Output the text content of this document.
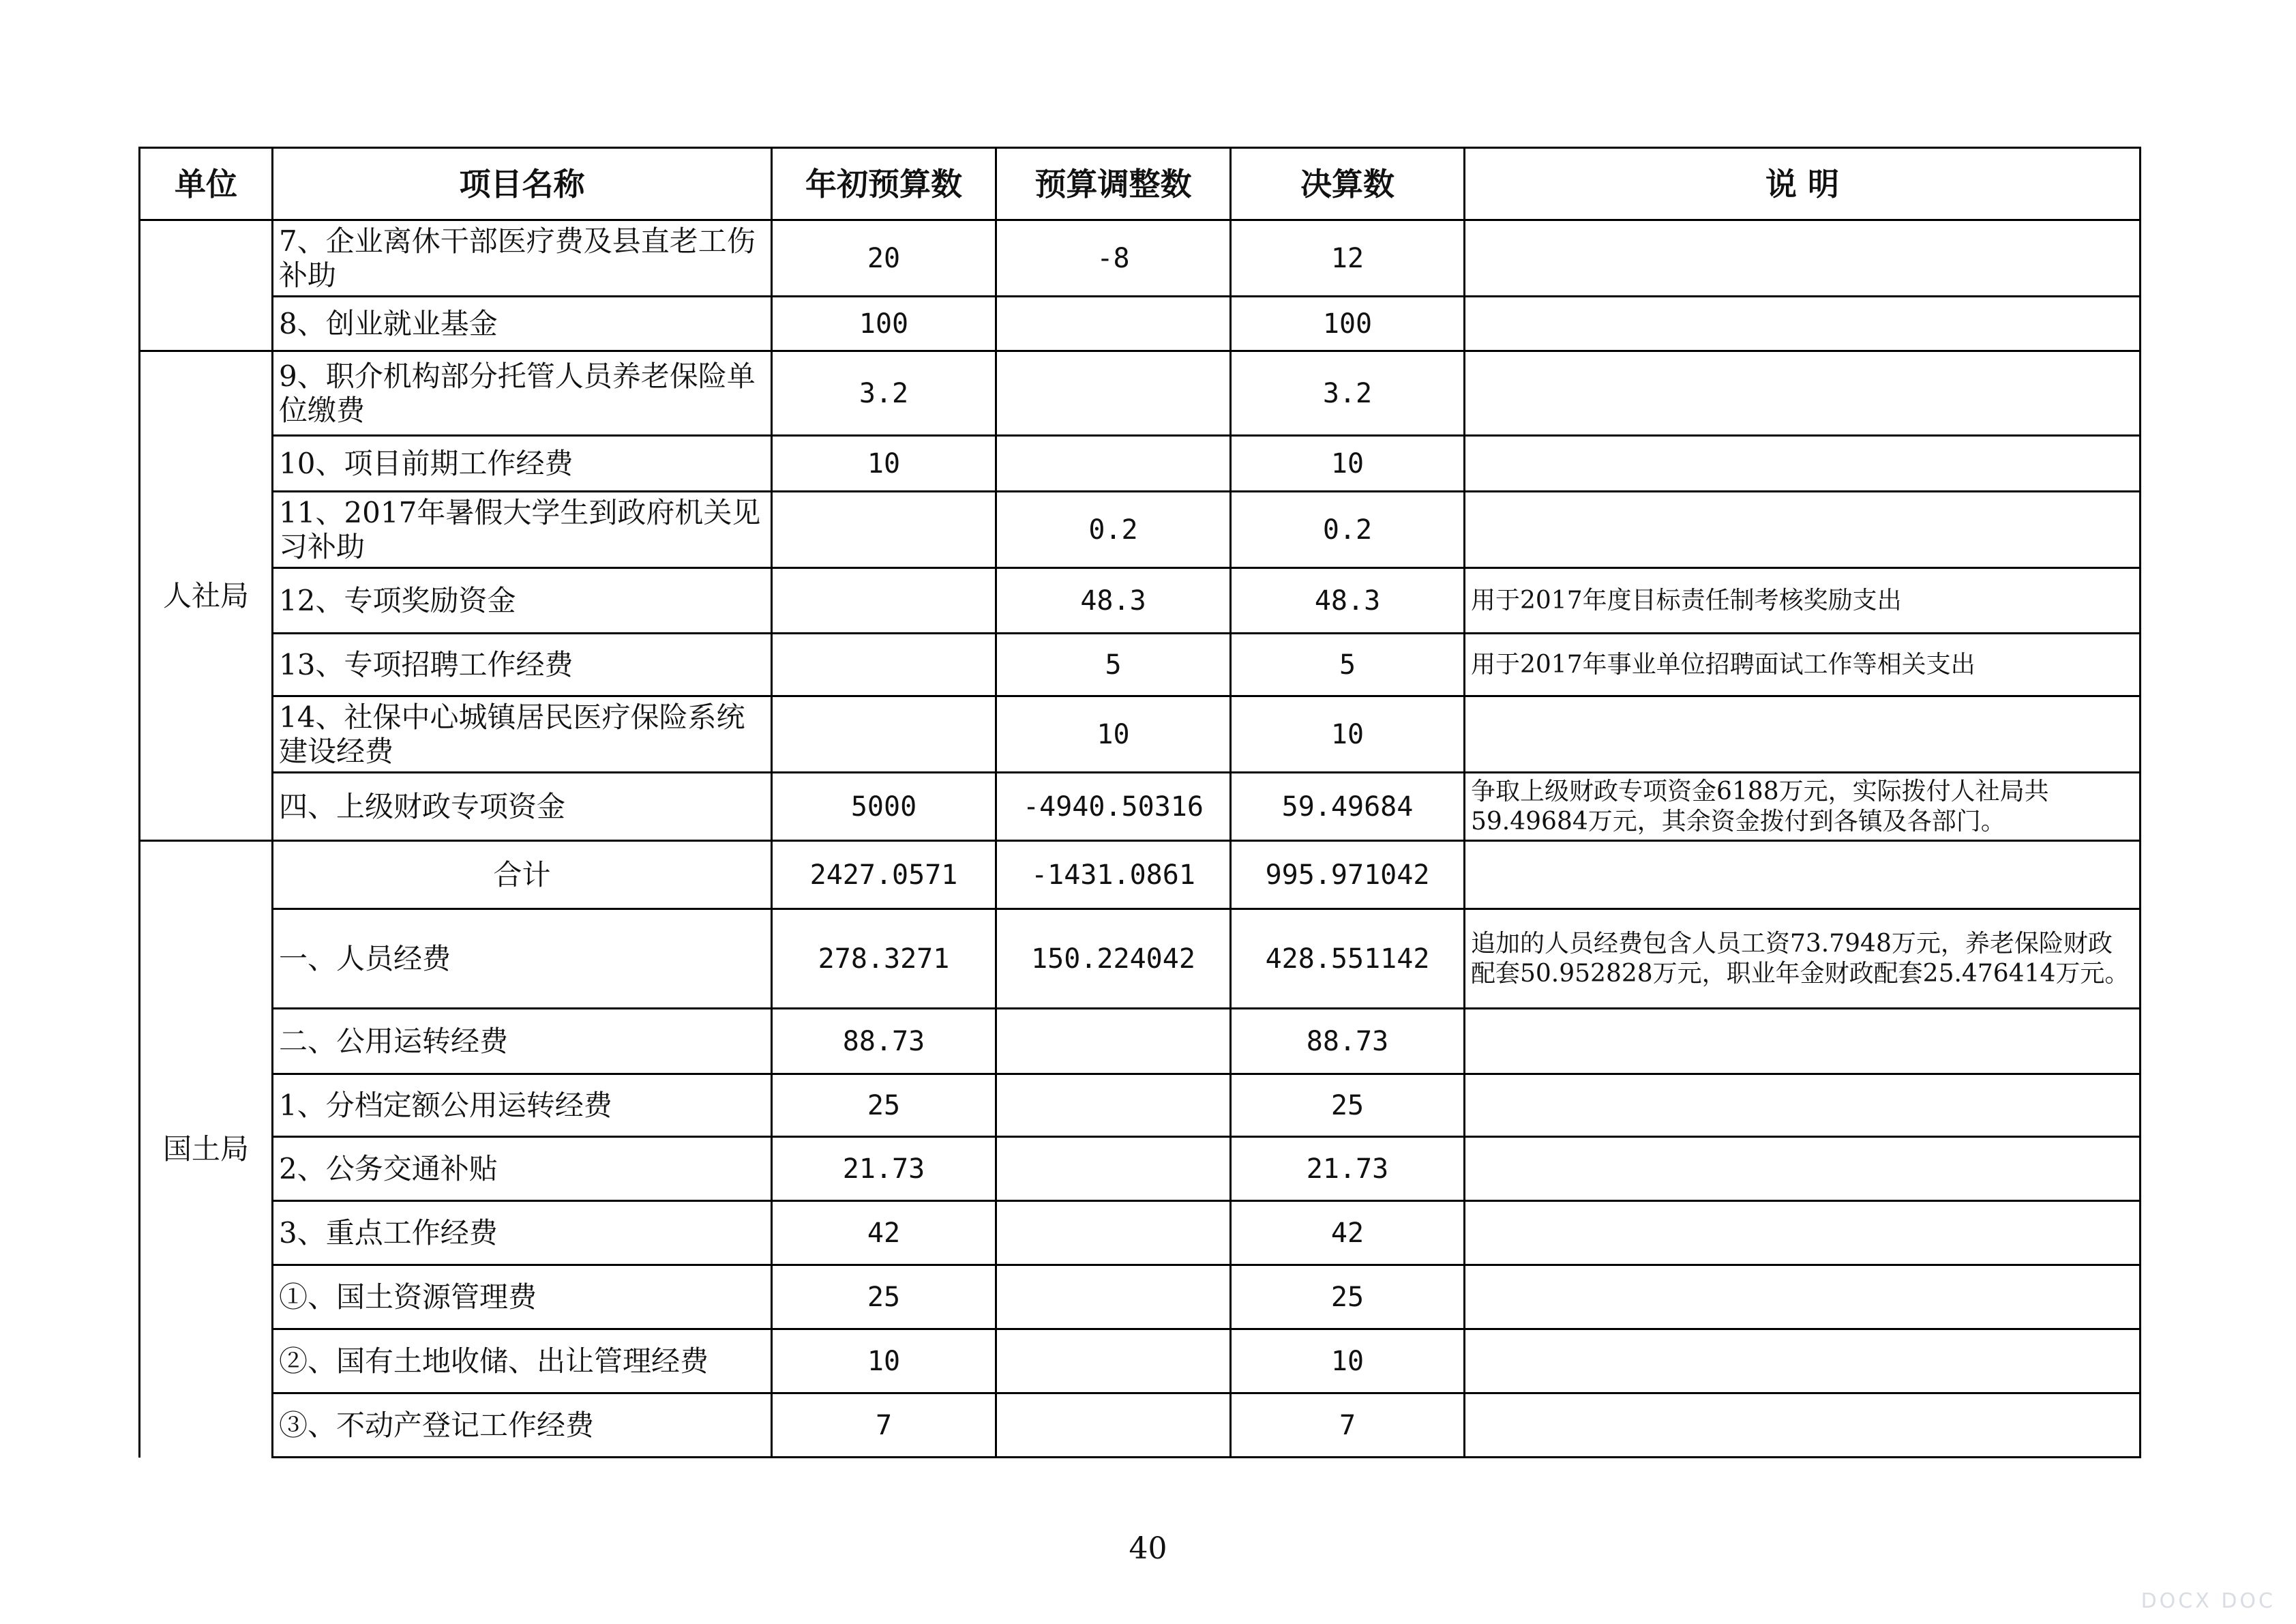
单位	项目名称	年初预算数	预算调整数	决算数	说 明
	7、企业离休干部医疗费及县直老工伤补助	20	-8	12	
	8、创业就业基金	100		100	
人社局	9、职介机构部分托管人员养老保险单位缴费	3.2		3.2	
	10、项目前期工作经费	10		10	
	11、2017年暑假大学生到政府机关见习补助		0.2	0.2	
	12、专项奖励资金		48.3	48.3	用于2017年度目标责任制考核奖励支出
	13、专项招聘工作经费		5	5	用于2017年事业单位招聘面试工作等相关支出
	14、社保中心城镇居民医疗保险系统建设经费		10	10	
	四、上级财政专项资金	5000	-4940.50316	59.49684	争取上级财政专项资金6188万元，实际拨付人社局共59.49684万元，其余资金拨付到各镇及各部门。
国土局	合计	2427.0571	-1431.0861	995.971042	
	一、人员经费	278.3271	150.224042	428.551142	追加的人员经费包含人员工资73.7948万元，养老保险财政配套50.952828万元，职业年金财政配套25.476414万元。
	二、公用运转经费	88.73		88.73	
	1、分档定额公用运转经费	25		25	
	2、公务交通补贴	21.73		21.73	
	3、重点工作经费	42		42	
	①、国土资源管理费	25		25	
	②、国有土地收储、出让管理经费	10		10	
	③、不动产登记工作经费	7		7	
40
DOCX DOC
